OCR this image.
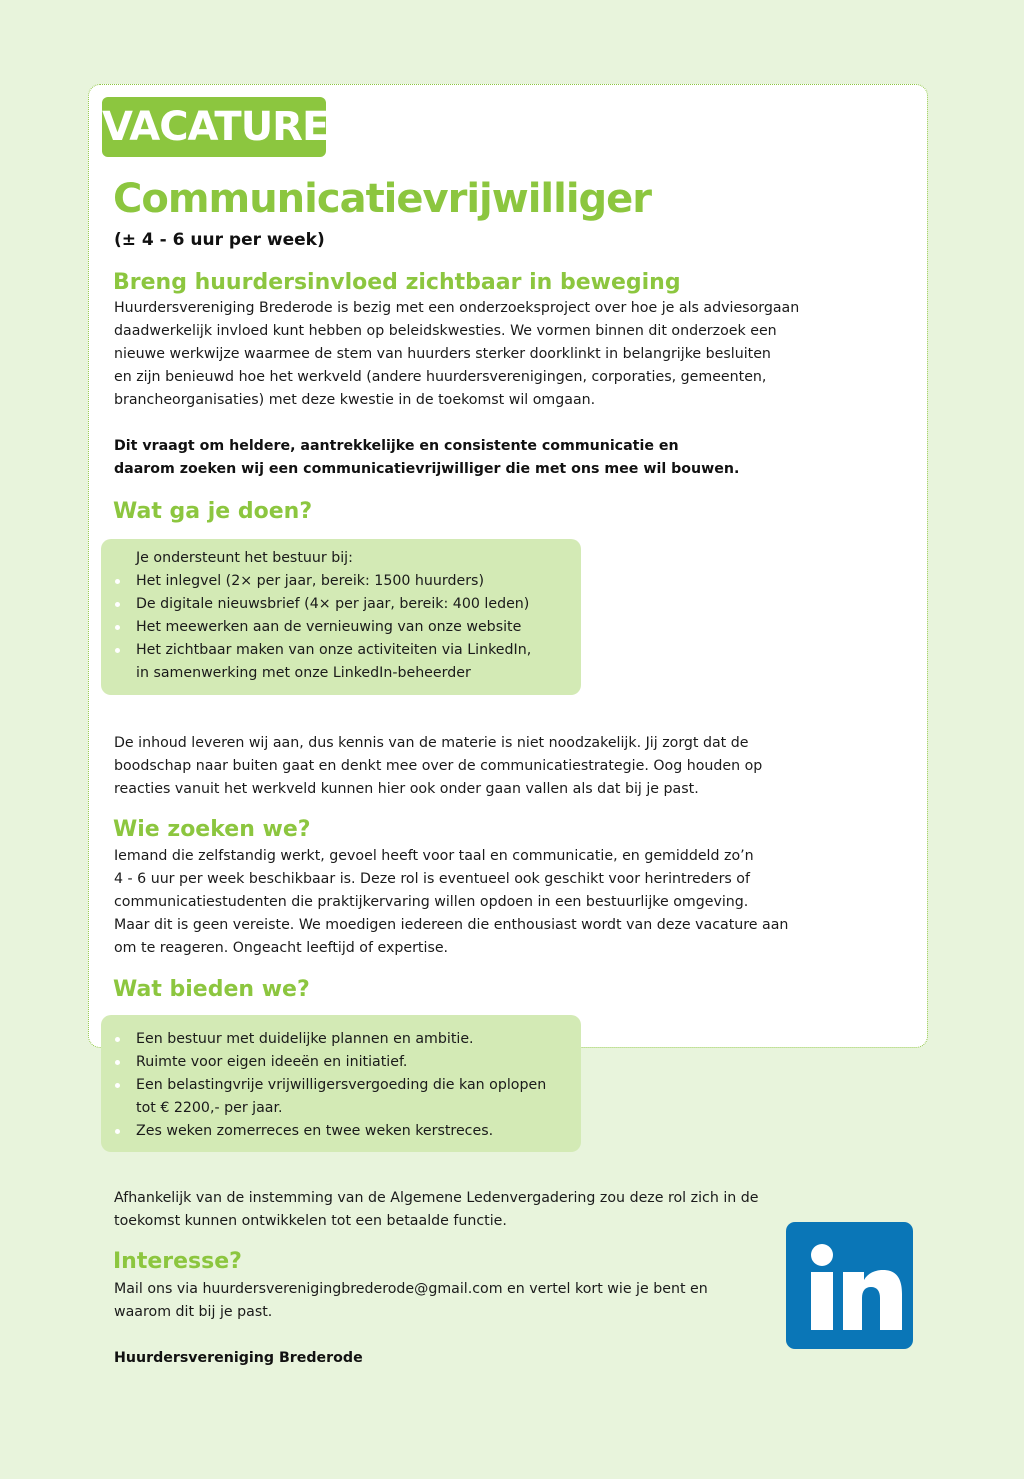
VACATURE
Communicatievrijwilliger
(± 4 - 6 uur per week)
Breng huurdersinvloed zichtbaar in beweging

Huurdersvereniging Brederode is bezig met een onderzoeksproject over hoe je als adviesorgaan
daadwerkelijk invloed kunt hebben op beleidskwesties. We vormen binnen dit onderzoek een
nieuwe werkwijze waarmee de stem van huurders sterker doorklinkt in belangrijke besluiten
en zijn benieuwd hoe het werkveld (andere huurdersverenigingen, corporaties, gemeenten,
brancheorganisaties) met deze kwestie in de toekomst wil omgaan.

Dit vraagt om heldere, aantrekkelijke en consistente communicatie en
daarom zoeken wij een communicatievrijwilliger die met ons mee wil bouwen.

Wat ga je doen?
Je ondersteunt het bestuur bij:
Het inlegvel (2× per jaar, bereik: 1500 huurders)
De digitale nieuwsbrief (4× per jaar, bereik: 400 leden)
Het meewerken aan de vernieuwing van onze website
Het zichtbaar maken van onze activiteiten via LinkedIn,
in samenwerking met onze LinkedIn-beheerder

De inhoud leveren wij aan, dus kennis van de materie is niet noodzakelijk. Jij zorgt dat de
boodschap naar buiten gaat en denkt mee over de communicatiestrategie. Oog houden op
reacties vanuit het werkveld kunnen hier ook onder gaan vallen als dat bij je past.

Wie zoeken we?

Iemand die zelfstandig werkt, gevoel heeft voor taal en communicatie, en gemiddeld zo’n
4 - 6 uur per week beschikbaar is. Deze rol is eventueel ook geschikt voor herintreders of
communicatiestudenten die praktijkervaring willen opdoen in een bestuurlijke omgeving.
Maar dit is geen vereiste. We moedigen iedereen die enthousiast wordt van deze vacature aan
om te reageren. Ongeacht leeftijd of expertise.

Wat bieden we?
Een bestuur met duidelijke plannen en ambitie.
Ruimte voor eigen ideeën en initiatief.
Een belastingvrije vrijwilligersvergoeding die kan oplopen
tot € 2200,- per jaar.
Zes weken zomerreces en twee weken kerstreces.

Afhankelijk van de instemming van de Algemene Ledenvergadering zou deze rol zich in de
toekomst kunnen ontwikkelen tot een betaalde functie.

Interesse?

Mail ons via huurdersverenigingbrederode@gmail.com en vertel kort wie je bent en
waarom dit bij je past.

Huurdersvereniging Brederode
